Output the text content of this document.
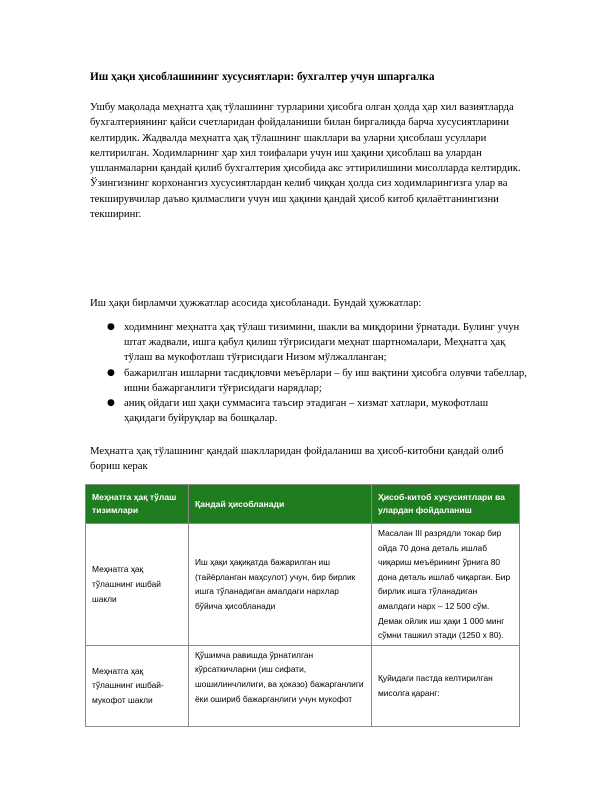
Иш ҳақи ҳисоблашининг хусусиятлари: бухгалтер учун шпаргалка

Ушбу мақолада меҳнатга ҳақ тўлашнинг турларини ҳисобга олган ҳолда ҳар хил вазиятларда бухгалтериянинг қайси счетларидан фойдаланиши билан биргаликда барча хусусиятларини келтирдик. Жадвалда меҳнатга ҳақ тўлашнинг шакллари ва уларни ҳисоблаш усуллари келтирилган. Ходимларнинг ҳар хил тоифалари учун иш ҳақини ҳисоблаш ва улардан ушланмаларни қандай қилиб бухгалтерия ҳисобида акс эттирилишини мисолларда келтирдик. Ўзингизнинг корхонангиз хусусиятлардан келиб чиққан ҳолда сиз ходимларингизга улар ва текширувчилар даъво қилмаслиги учун иш ҳақини қандай ҳисоб китоб қилаётганингизни текширинг.

Иш ҳақи бирламчи ҳужжатлар асосида ҳисобланади. Бундай ҳужжатлар:

● ходимнинг меҳнатга ҳақ тўлаш тизимини, шакли ва миқдорини ўрнатади. Булинг учун штат жадвали, ишга қабул қилиш тўғрисидаги меҳнат шартномалари, Меҳнатга ҳақ тўлаш ва мукофотлаш тўғрисидаги Низом мўлжалланган;
● бажарилган ишларни тасдиқловчи меъёрлари – бу иш вақтини ҳисобга олувчи табеллар, ишни бажарганлиги тўғрисидаги нарядлар;
● аниқ ойдаги иш ҳақи суммасига таъсир этадиган – хизмат хатлари, мукофотлаш ҳақидаги буйруқлар ва бошқалар.

Меҳнатга ҳақ тўлашнинг қандай шаклларидан фойдаланиш ва ҳисоб-китобни қандай олиб бориш керак

Меҳнатга ҳақ тўлаш тизимлари	Қандай ҳисобланади	Ҳисоб-китоб хусусиятлари ва улардан фойдаланиш
Меҳнатга ҳақ тўлашнинг ишбай шакли	Иш ҳақи ҳақиқатда бажарилган иш (тайёрланган маҳсулот) учун, бир бирлик ишга тўланадиган амалдаги нархлар бўйича ҳисобланади	Масалан III разрядли токар бир ойда 70 дона деталь ишлаб чиқариш меъёрининг ўрнига 80 дона деталь ишлаб чиқарган. Бир бирлик ишга тўланадиган амалдаги нарх – 12 500 сўм. Демак ойлик иш ҳақи 1 000 минг сўмни ташкил этади (1250 х 80).
Меҳнатга ҳақ тўлашнинг ишбай-мукофот шакли	Қўшимча равишда ўрнатилган кўрсаткичларни (иш сифати, шошилинчлилиги, ва ҳоказо) бажарганлиги ёки ошириб бажарганлиги учун мукофот	Қуйидаги пастда келтирилган мисолга қаранг:
